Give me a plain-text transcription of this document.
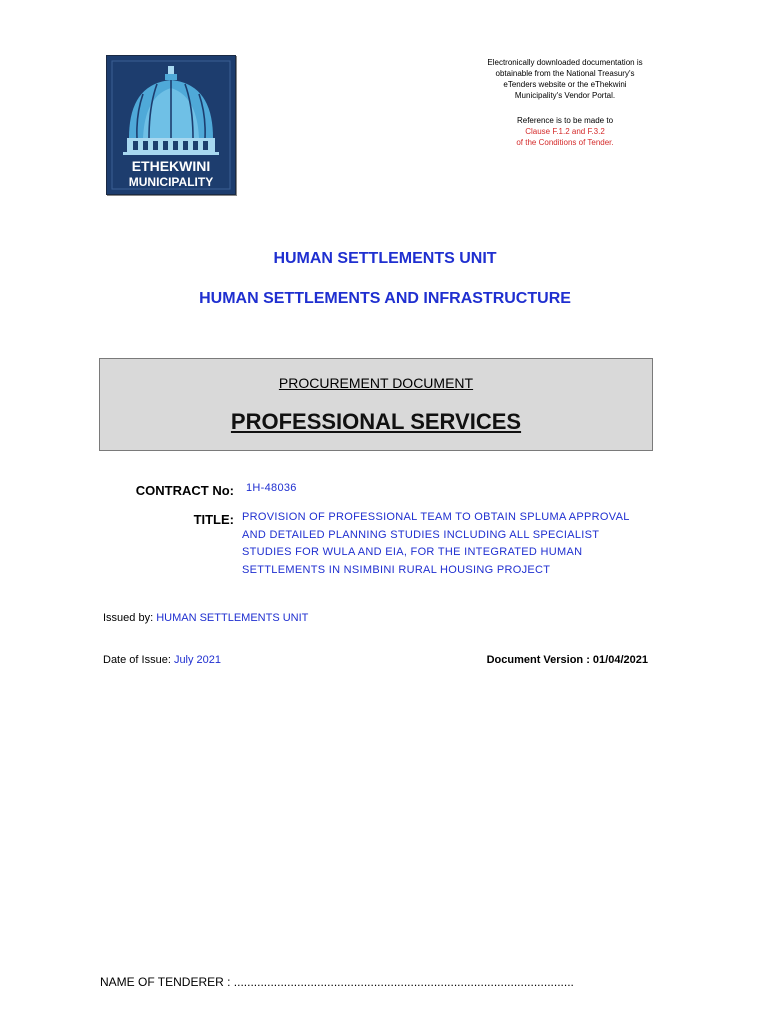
ETHEKWINI
MUNICIPALITY
Electronically downloaded documentation is
obtainable from the National Treasury's
eTenders website or the eThekwini
Municipality's Vendor Portal.
Reference is to be made to
Clause F.1.2 and F.3.2
of the Conditions of Tender.
HUMAN SETTLEMENTS UNIT
HUMAN SETTLEMENTS AND INFRASTRUCTURE
PROCUREMENT DOCUMENT
PROFESSIONAL SERVICES
CONTRACT No: 1H-48036
TITLE: PROVISION OF PROFESSIONAL TEAM TO OBTAIN SPLUMA APPROVAL
AND DETAILED PLANNING STUDIES INCLUDING ALL SPECIALIST
STUDIES FOR WULA AND EIA, FOR THE INTEGRATED HUMAN
SETTLEMENTS IN NSIMBINI RURAL HOUSING PROJECT
Issued by: HUMAN SETTLEMENTS UNIT
Date of Issue: July 2021	Document Version : 01/04/2021
NAME OF TENDERER : ......................................................................................................
